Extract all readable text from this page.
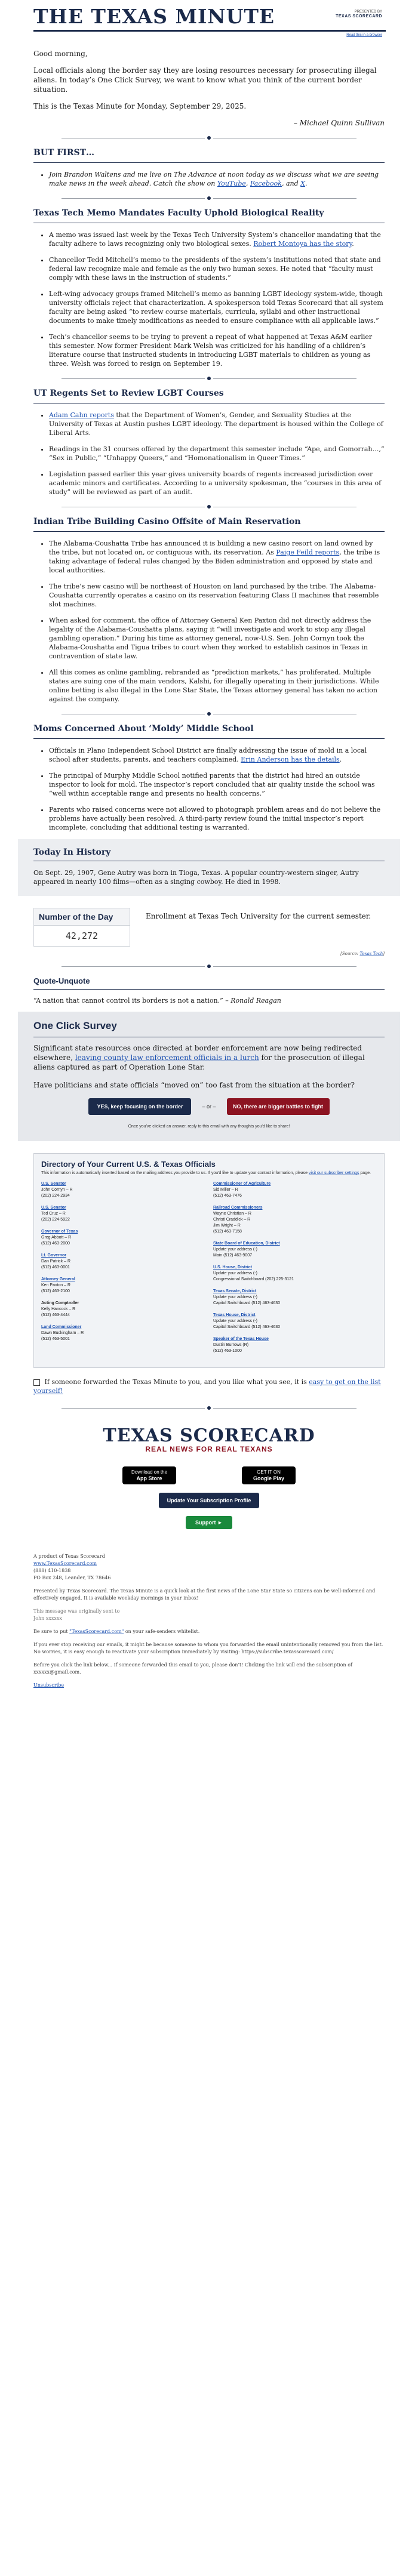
THE TEXAS MINUTE	PRESENTED BY
TEXAS SCORECARD
Read this in a browser

Good morning,

Local officials along the border say they are losing resources necessary for prosecuting illegal aliens. In today’s One Click Survey, we want to know what you think of the current border situation.

This is the Texas Minute for Monday, September 29, 2025.

– Michael Quinn Sullivan

BUT FIRST…
• Join Brandon Waltens and me live on The Advance at noon today as we discuss what we are seeing make news in the week ahead. Catch the show on YouTube, Facebook, and X.
Texas Tech Memo Mandates Faculty Uphold Biological Reality
• A memo was issued last week by the Texas Tech University System’s chancellor mandating that the faculty adhere to laws recognizing only two biological sexes. Robert Montoya has the story.
• Chancellor Tedd Mitchell’s memo to the presidents of the system’s institutions noted that state and federal law recognize male and female as the only two human sexes. He noted that “faculty must comply with these laws in the instruction of students.”
• Left-wing advocacy groups framed Mitchell’s memo as banning LGBT ideology system-wide, though university officials reject that characterization. A spokesperson told Texas Scorecard that all system faculty are being asked “to review course materials, curricula, syllabi and other instructional documents to make timely modifications as needed to ensure compliance with all applicable laws.”
• Tech’s chancellor seems to be trying to prevent a repeat of what happened at Texas A&M earlier this semester. Now former President Mark Welsh was criticized for his handling of a children’s literature course that instructed students in introducing LGBT materials to children as young as three. Welsh was forced to resign on September 19.
UT Regents Set to Review LGBT Courses
• Adam Cahn reports that the Department of Women’s, Gender, and Sexuality Studies at the University of Texas at Austin pushes LGBT ideology. The department is housed within the College of Liberal Arts.
• Readings in the 31 courses offered by the department this semester include “Ape, and Gomorrah…,” “Sex in Public,” “Unhappy Queers,” and “Homonationalism in Queer Times.”
• Legislation passed earlier this year gives university boards of regents increased jurisdiction over academic minors and certificates. According to a university spokesman, the “courses in this area of study” will be reviewed as part of an audit.
Indian Tribe Building Casino Offsite of Main Reservation
• The Alabama-Coushatta Tribe has announced it is building a new casino resort on land owned by the tribe, but not located on, or contiguous with, its reservation. As Paige Feild reports, the tribe is taking advantage of federal rules changed by the Biden administration and opposed by state and local authorities.
• The tribe’s new casino will be northeast of Houston on land purchased by the tribe. The Alabama-Coushatta currently operates a casino on its reservation featuring Class II machines that resemble slot machines.
• When asked for comment, the office of Attorney General Ken Paxton did not directly address the legality of the Alabama-Coushatta plans, saying it “will investigate and work to stop any illegal gambling operation.” During his time as attorney general, now-U.S. Sen. John Cornyn took the Alabama-Coushatta and Tigua tribes to court when they worked to establish casinos in Texas in contravention of state law.
• All this comes as online gambling, rebranded as “prediction markets,” has proliferated. Multiple states are suing one of the main vendors, Kalshi, for illegally operating in their jurisdictions. While online betting is also illegal in the Lone Star State, the Texas attorney general has taken no action against the company.
Moms Concerned About ‘Moldy’ Middle School
• Officials in Plano Independent School District are finally addressing the issue of mold in a local school after students, parents, and teachers complained. Erin Anderson has the details.
• The principal of Murphy Middle School notified parents that the district had hired an outside inspector to look for mold. The inspector’s report concluded that air quality inside the school was “well within acceptable range and presents no health concerns.”
• Parents who raised concerns were not allowed to photograph problem areas and do not believe the problems have actually been resolved. A third-party review found the initial inspector’s report incomplete, concluding that additional testing is warranted.
Today In History

On Sept. 29, 1907, Gene Autry was born in Tioga, Texas. A popular country-western singer, Autry appeared in nearly 100 films—often as a singing cowboy. He died in 1998.

Number of the Day
42,272
Enrollment at Texas Tech University for the current semester.
[Source: Texas Tech]
Quote-Unquote

“A nation that cannot control its borders is not a nation.” – Ronald Reagan

One Click Survey

Significant state resources once directed at border enforcement are now being redirected elsewhere, leaving county law enforcement officials in a lurch for the prosecution of illegal aliens captured as part of Operation Lone Star.

Have politicians and state officials “moved on” too fast from the situation at the border?

YES, keep focusing on the border	– or –	NO, there are bigger battles to fight

Once you've clicked an answer, reply to this email with any thoughts you'd like to share!

Directory of Your Current U.S. & Texas Officials

This information is automatically inserted based on the mailing address you provide to us. If you'd like to update your contact information, please visit our subscriber settings page.

U.S. Senator
John Cornyn – R
(202) 224-2934
U.S. Senator
Ted Cruz – R
(202) 224-5922
Governor of Texas
Greg Abbott – R
(512) 463-2000
Lt. Governor
Dan Patrick – R
(512) 463-0001
Attorney General
Ken Paxton – R
(512) 463-2100
Acting Comptroller
Kelly Hancock – R
(512) 463-4444
Land Commissioner
Dawn Buckingham – R
(512) 463-5001
Commissioner of Agriculture
Sid Miller – R
(512) 463-7476
Railroad Commissioners
Wayne Christian – R
Christi Craddick – R
Jim Wright – R
(512) 463-7158
State Board of Education, District
Update your address (-)
Main (512) 463-9007
U.S. House, District
Update your address (-)
Congressional Switchboard (202) 225-3121
Texas Senate, District
Update your address (-)
Capitol Switchboard (512) 463-4630
Texas House, District
Update your address (-)
Capitol Switchboard (512) 463-4630
Speaker of the Texas House
Dustin Burrows (R)
(512) 463-1000
If someone forwarded the Texas Minute to you, and you like what you see, it is easy to get on the list yourself!
TEXAS SCORECARD
REAL NEWS FOR REAL TEXANS
Download on the
App Store
GET IT ON
Google Play
Update Your Subscription Profile
Support ►

A product of Texas Scorecard
www.TexasScorecard.com
(888) 410-1838
PO Box 248, Leander, TX 78646

Presented by Texas Scorecard. The Texas Minute is a quick look at the first news of the Lone Star State so citizens can be well-informed and effectively engaged. It is available weekday mornings in your inbox!

This message was originally sent to
John xxxxxx

Be sure to put "TexasScorecard.com" on your safe-senders whitelist.

If you ever stop receiving our emails, it might be because someone to whom you forwarded the email unintentionally removed you from the list. No worries, it is easy enough to reactivate your subscription immediately by visiting: https://subscribe.texasscorecard.com/

Before you click the link below... If someone forwarded this email to you, please don’t! Clicking the link will end the subscription of xxxxxx@gmail.com.

Unsubscribe
